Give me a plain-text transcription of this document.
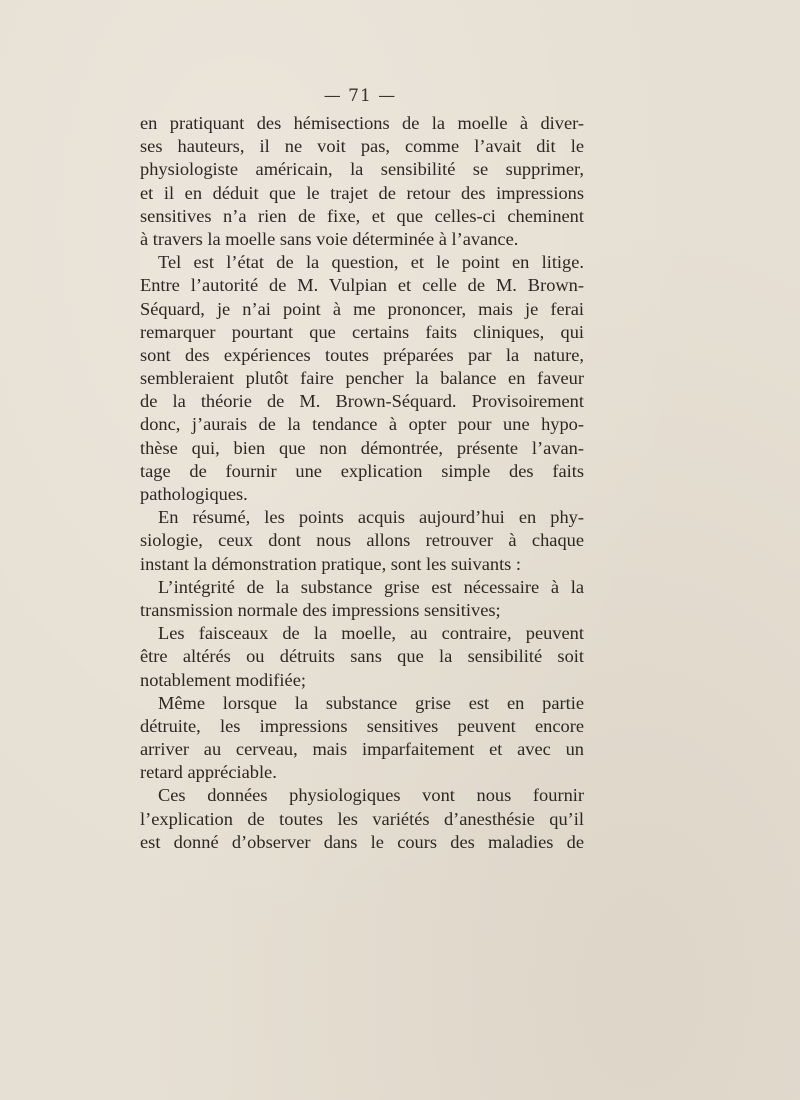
— 71 —
en pratiquant des hémisections de la moelle à diver-
ses hauteurs, il ne voit pas, comme l’avait dit le
physiologiste américain, la sensibilité se supprimer,
et il en déduit que le trajet de retour des impressions
sensitives n’a rien de fixe, et que celles-ci cheminent
à travers la moelle sans voie déterminée à l’avance.
Tel est l’état de la question, et le point en litige.
Entre l’autorité de M. Vulpian et celle de M. Brown-
Séquard, je n’ai point à me prononcer, mais je ferai
remarquer pourtant que certains faits cliniques, qui
sont des expériences toutes préparées par la nature,
sembleraient plutôt faire pencher la balance en faveur
de la théorie de M. Brown-Séquard. Provisoirement
donc, j’aurais de la tendance à opter pour une hypo-
thèse qui, bien que non démontrée, présente l’avan-
tage de fournir une explication simple des faits
pathologiques.
En résumé, les points acquis aujourd’hui en phy-
siologie, ceux dont nous allons retrouver à chaque
instant la démonstration pratique, sont les suivants :
L’intégrité de la substance grise est nécessaire à la
transmission normale des impressions sensitives;
Les faisceaux de la moelle, au contraire, peuvent
être altérés ou détruits sans que la sensibilité soit
notablement modifiée;
Même lorsque la substance grise est en partie
détruite, les impressions sensitives peuvent encore
arriver au cerveau, mais imparfaitement et avec un
retard appréciable.
Ces données physiologiques vont nous fournir
l’explication de toutes les variétés d’anesthésie qu’il
est donné d’observer dans le cours des maladies de
